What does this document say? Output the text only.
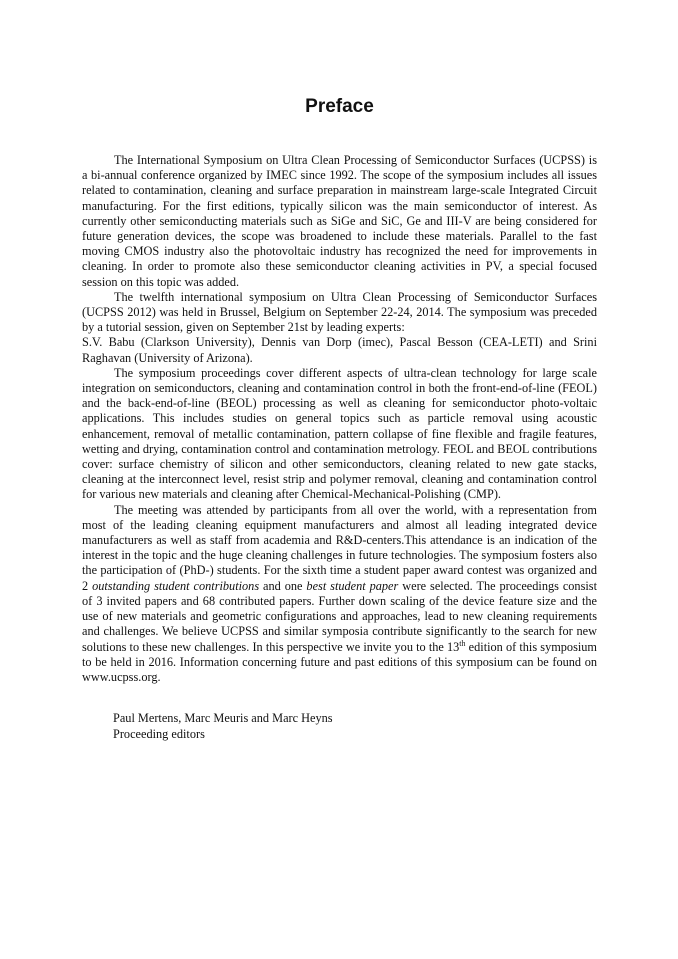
Preface

The International Symposium on Ultra Clean Processing of Semiconductor Surfaces (UCPSS) is a bi-annual conference organized by IMEC since 1992. The scope of the symposium includes all issues related to contamination, cleaning and surface preparation in mainstream large-scale Integrated Circuit manufacturing. For the first editions, typically silicon was the main semiconductor of interest. As currently other semiconducting materials such as SiGe and SiC, Ge and III-V are being considered for future generation devices, the scope was broadened to include these materials. Parallel to the fast moving CMOS industry also the photovoltaic industry has recognized the need for improvements in cleaning. In order to promote also these semiconductor cleaning activities in PV, a special focused session on this topic was added.

The twelfth international symposium on Ultra Clean Processing of Semiconductor Surfaces (UCPSS 2012) was held in Brussel, Belgium on September 22-24, 2014. The symposium was preceded by a tutorial session, given on September 21st by leading experts:

S.V. Babu (Clarkson University), Dennis van Dorp (imec), Pascal Besson (CEA-LETI) and Srini Raghavan (University of Arizona).

The symposium proceedings cover different aspects of ultra-clean technology for large scale integration on semiconductors, cleaning and contamination control in both the front-end-of-line (FEOL) and the back-end-of-line (BEOL) processing as well as cleaning for semiconductor photo-voltaic applications. This includes studies on general topics such as particle removal using acoustic enhancement, removal of metallic contamination, pattern collapse of fine flexible and fragile features, wetting and drying, contamination control and contamination metrology. FEOL and BEOL contributions cover: surface chemistry of silicon and other semiconductors, cleaning related to new gate stacks, cleaning at the interconnect level, resist strip and polymer removal, cleaning and contamination control for various new materials and cleaning after Chemical-Mechanical-Polishing (CMP).

The meeting was attended by participants from all over the world, with a representation from most of the leading cleaning equipment manufacturers and almost all leading integrated device manufacturers as well as staff from academia and R&D-centers.This attendance is an indication of the interest in the topic and the huge cleaning challenges in future technologies. The symposium fosters also the participation of (PhD-) students. For the sixth time a student paper award contest was organized and 2 outstanding student contributions and one best student paper were selected. The proceedings consist of 3 invited papers and 68 contributed papers. Further down scaling of the device feature size and the use of new materials and geometric configurations and approaches, lead to new cleaning requirements and challenges. We believe UCPSS and similar symposia contribute significantly to the search for new solutions to these new challenges. In this perspective we invite you to the 13th edition of this symposium to be held in 2016. Information concerning future and past editions of this symposium can be found on www.ucpss.org.

Paul Mertens, Marc Meuris and Marc Heyns
Proceeding editors
